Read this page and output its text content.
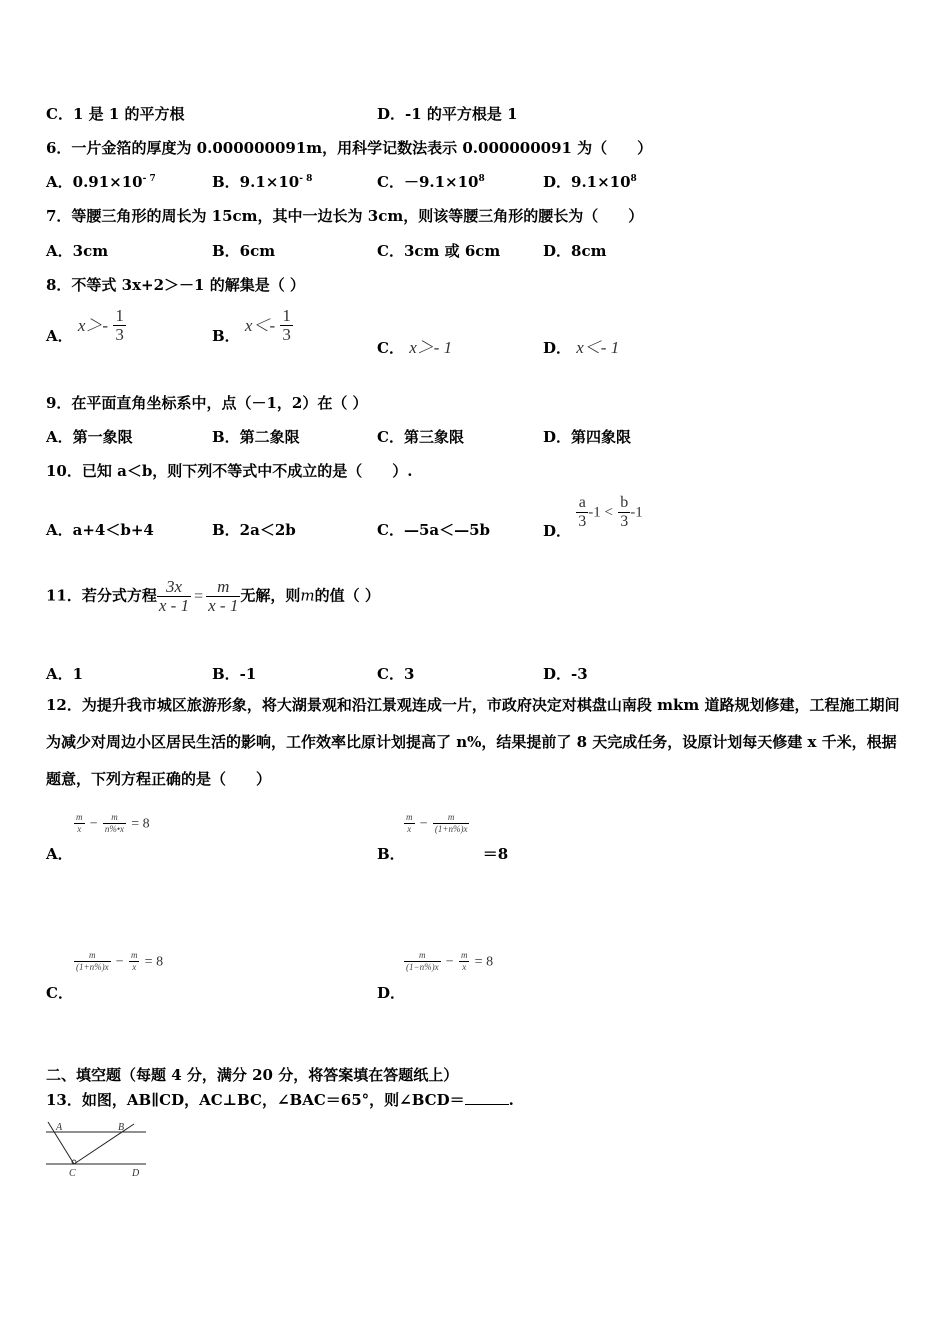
C．1 是 1 的平方根	D．-1 的平方根是 1
6．一片金箔的厚度为 0.000000091m，用科学记数法表示 0.000000091 为（　　）
A．$0.91\times 10^{- 7}$	B．$9.1\times 10^{- 8}$	C．$-9.1\times 10^8$	D．$9.1\times 10^8$
7．等腰三角形的周长为 15cm，其中一边长为 3cm，则该等腰三角形的腰长为（　　）
A．3cm	B．6cm	C．3cm 或 6cm	D．8cm
8．不等式 3x+2＞－1 的解集是（ ）
A． $x>- \frac{1}{3}$	B． $x<- \frac{1}{3}$
C． x＞- 1	D． x＜- 1
9．在平面直角坐标系中，点（－1，2）在（ ）
A．第一象限	B．第二象限	C．第三象限	D．第四象限
10．已知 a＜b，则下列不等式中不成立的是（　　）.
A．a+4＜b+4	B．2a＜2b	C．—5a＜—5b	D． $\frac{a}{3} -1 < \frac{b}{3} -1$
11．若分式方程 $\frac{3x}{x - 1} = \frac{m}{x - 1}$ 无解，则m的值（ ）
A．1	B．-1	C．3	D．-3
12．为提升我市城区旅游形象，将大湖景观和沿江景观连成一片，市政府决定对棋盘山南段 mkm 道路规划修建，工程施工期间为减少对周边小区居民生活的影响，工作效率比原计划提高了 n%，结果提前了 8 天完成任务，设原计划每天修建 x 千米，根据题意，下列方程正确的是（　　）
$\frac{m}{x} - \frac{m}{n\%•x} = 8$
A．
$\frac{m}{x} - \frac{m}{(1+n\%)x}$
B．	＝8
$\frac{m}{(1+n\%)x} - \frac{m}{x} = 8$
C．
$\frac{m}{(1-n\%)x} - \frac{m}{x} = 8$
D．
二、填空题（每题 4 分，满分 20 分，将答案填在答题纸上）
13．如图，AB∥CD，AC⊥BC，∠BAC＝65°，则∠BCD＝	.
A	B
C	D
